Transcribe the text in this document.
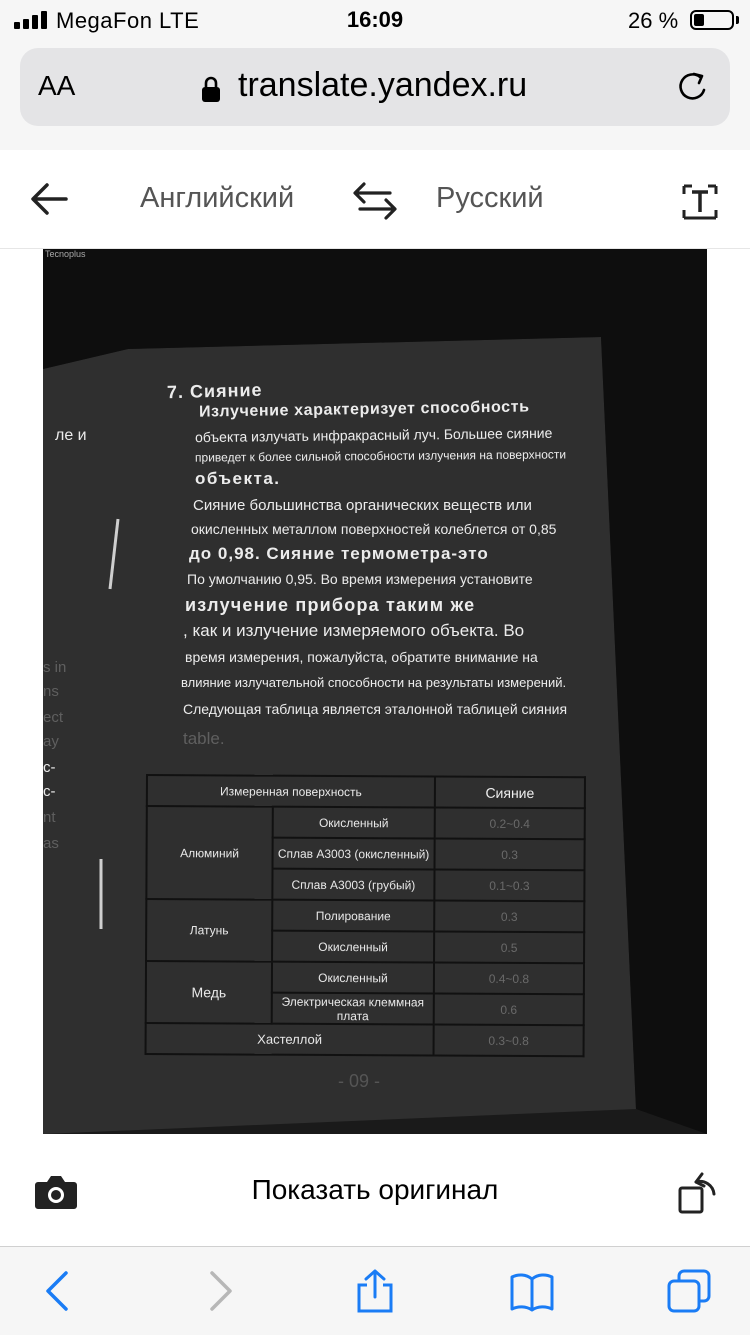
MegaFon LTE	16:09	26 %
AA	translate.yandex.ru
Английский	Русский
Tecnoplus
ле и
s in
ns
ect
ay
c-
c-
nt
as
7. Сияние
Излучение характеризует способность
объекта излучать инфракрасный луч. Большее сияние
приведет к более сильной способности излучения на поверхности
объекта.
Сияние большинства органических веществ или
окисленных металлом поверхностей колеблется от 0,85
до 0,98. Сияние термометра-это
По умолчанию 0,95. Во время измерения установите
излучение прибора таким же
, как и излучение измеряемого объекта. Во
время измерения, пожалуйста, обратите внимание на
влияние излучательной способности на результаты измерений.
Следующая таблица является эталонной таблицей сияния
table.
Измеренная поверхность		Сияние
Алюминий	Окисленный	0.2~0.4
	Сплав А3003 (окисленный)	0.3
	Сплав А3003 (грубый)	0.1~0.3
Латунь	Полирование	0.3
	Окисленный	0.5
Медь	Окисленный	0.4~0.8
	Электрическая клеммная плата	0.6
Хастеллой		0.3~0.8
- 09 -
Показать оригинал
